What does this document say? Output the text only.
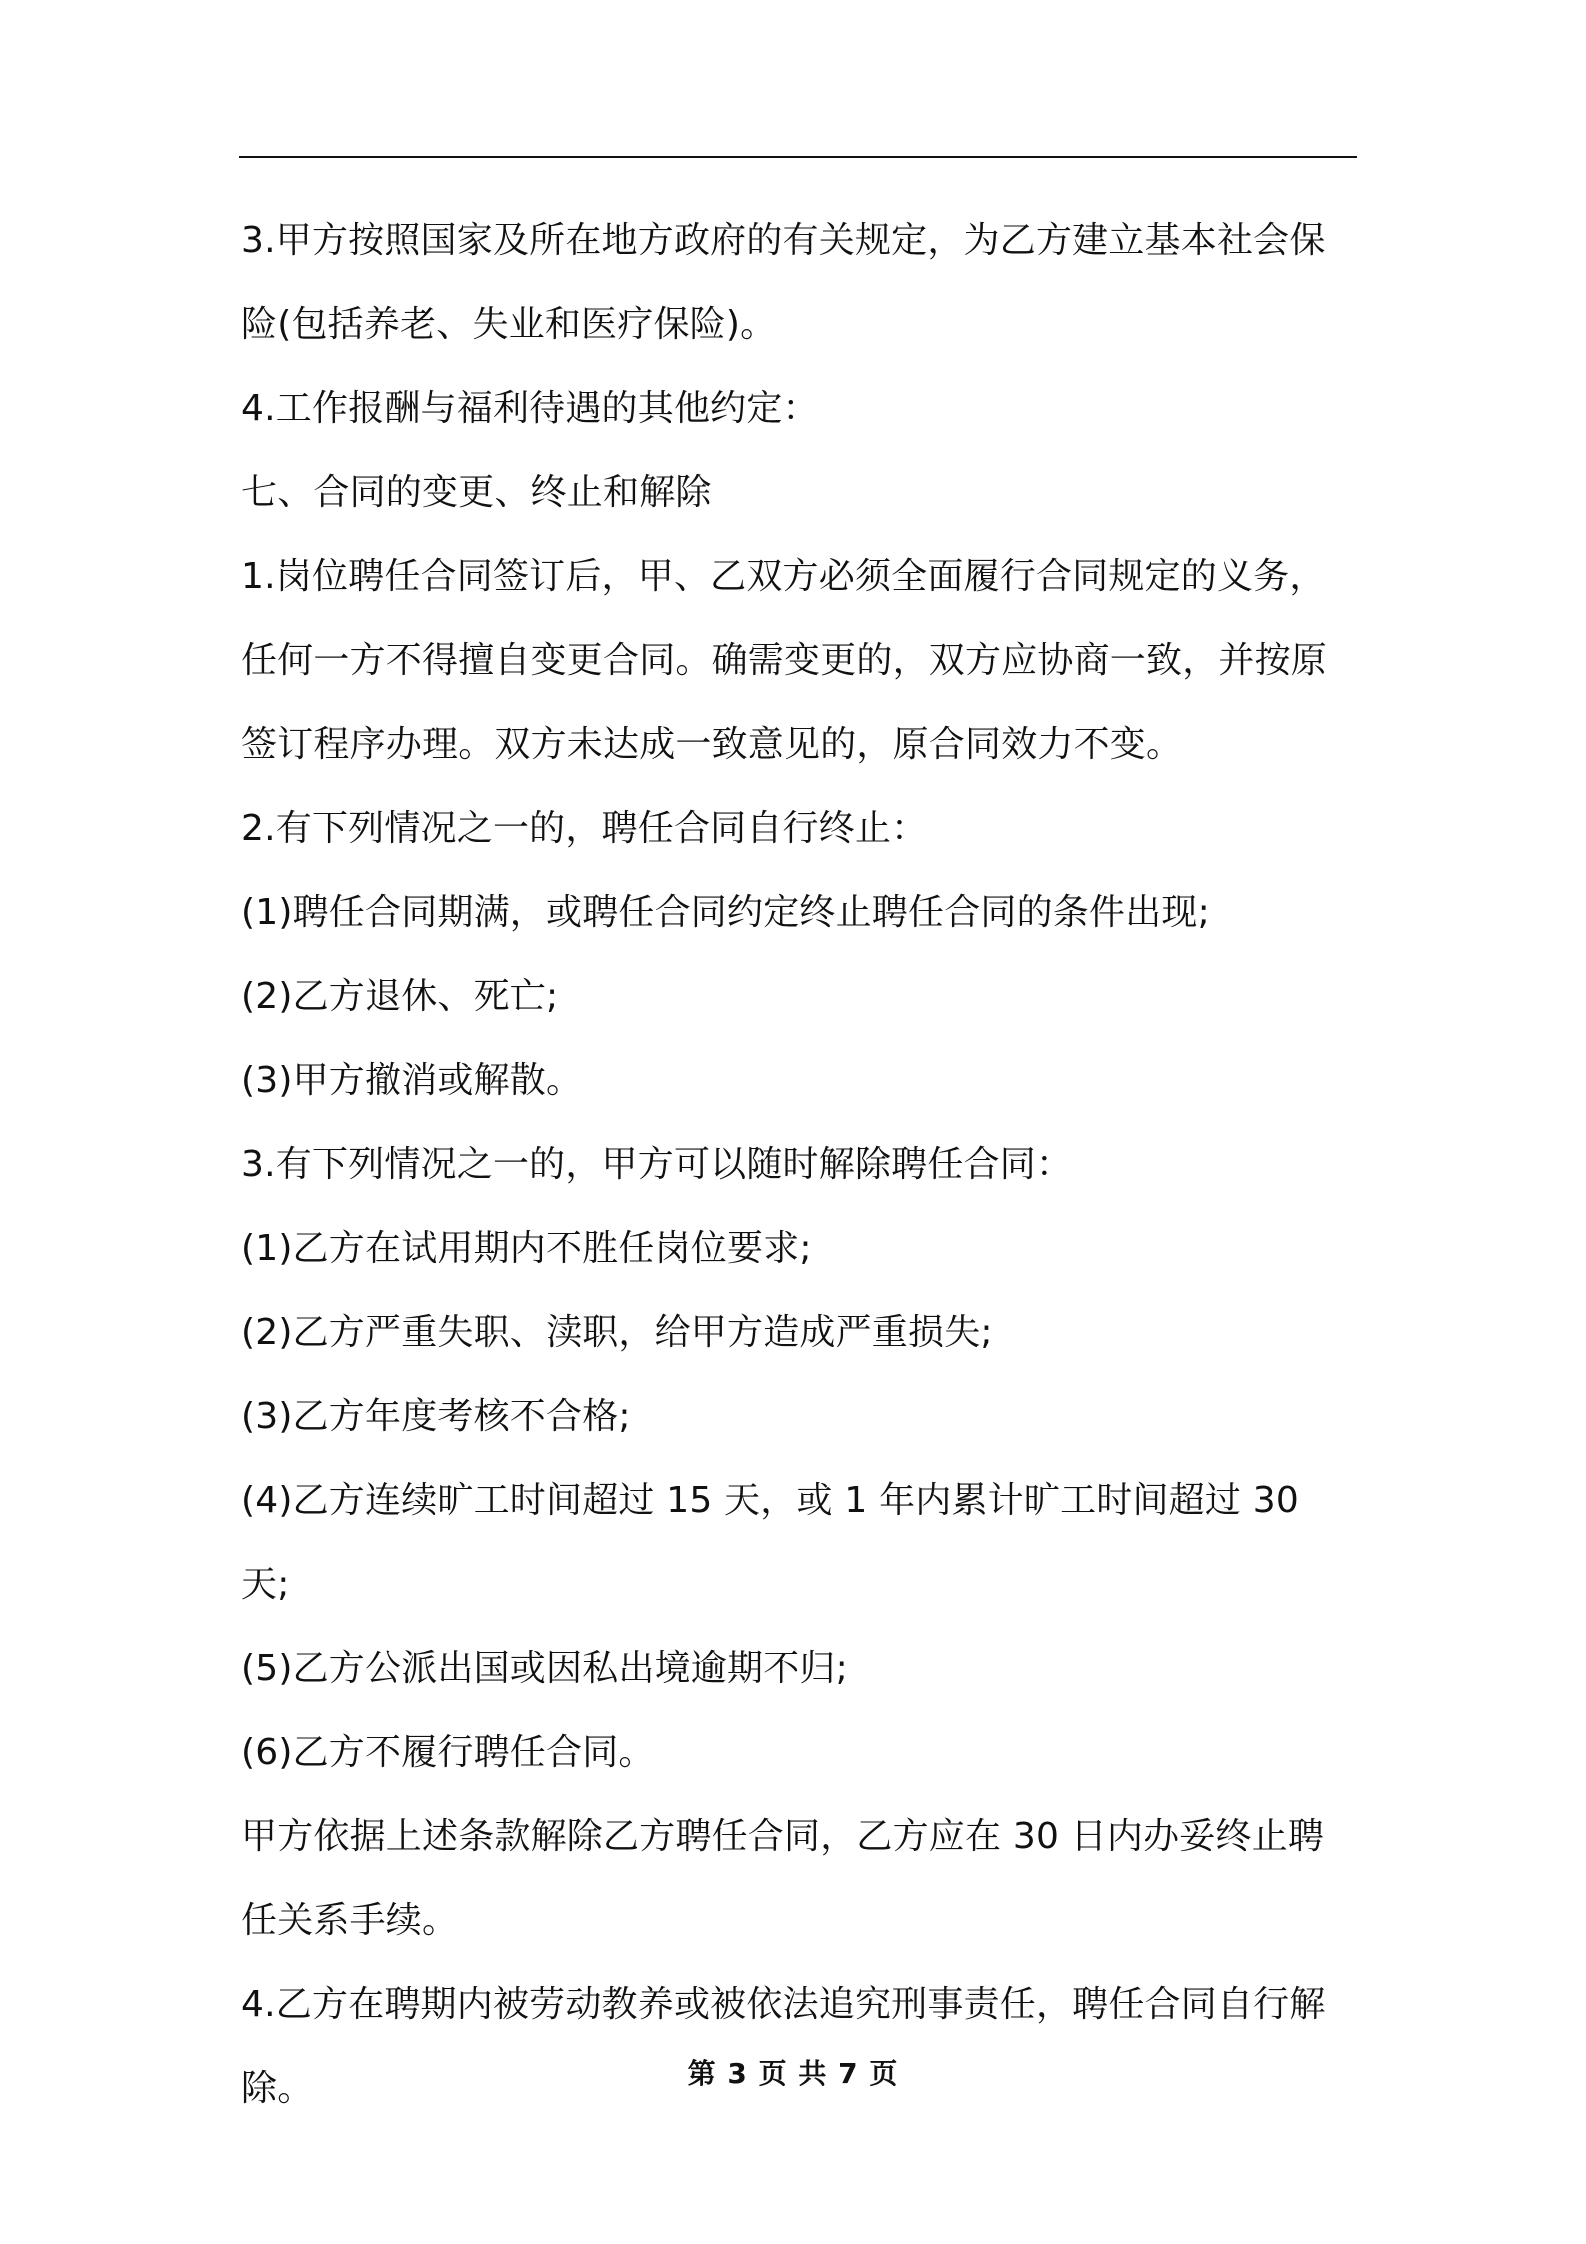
3.甲方按照国家及所在地方政府的有关规定，为乙方建立基本社会保险(包括养老、失业和医疗保险)。

4.工作报酬与福利待遇的其他约定：

七、合同的变更、终止和解除

1.岗位聘任合同签订后，甲、乙双方必须全面履行合同规定的义务，任何一方不得擅自变更合同。确需变更的，双方应协商一致，并按原签订程序办理。双方未达成一致意见的，原合同效力不变。

2.有下列情况之一的，聘任合同自行终止：

(1)聘任合同期满，或聘任合同约定终止聘任合同的条件出现;

(2)乙方退休、死亡;

(3)甲方撤消或解散。

3.有下列情况之一的，甲方可以随时解除聘任合同：

(1)乙方在试用期内不胜任岗位要求;

(2)乙方严重失职、渎职，给甲方造成严重损失;

(3)乙方年度考核不合格;

(4)乙方连续旷工时间超过 15 天，或 1 年内累计旷工时间超过 30 天;

(5)乙方公派出国或因私出境逾期不归;

(6)乙方不履行聘任合同。

甲方依据上述条款解除乙方聘任合同，乙方应在 30 日内办妥终止聘任关系手续。

4.乙方在聘期内被劳动教养或被依法追究刑事责任，聘任合同自行解除。	第 3 页 共 7 页
